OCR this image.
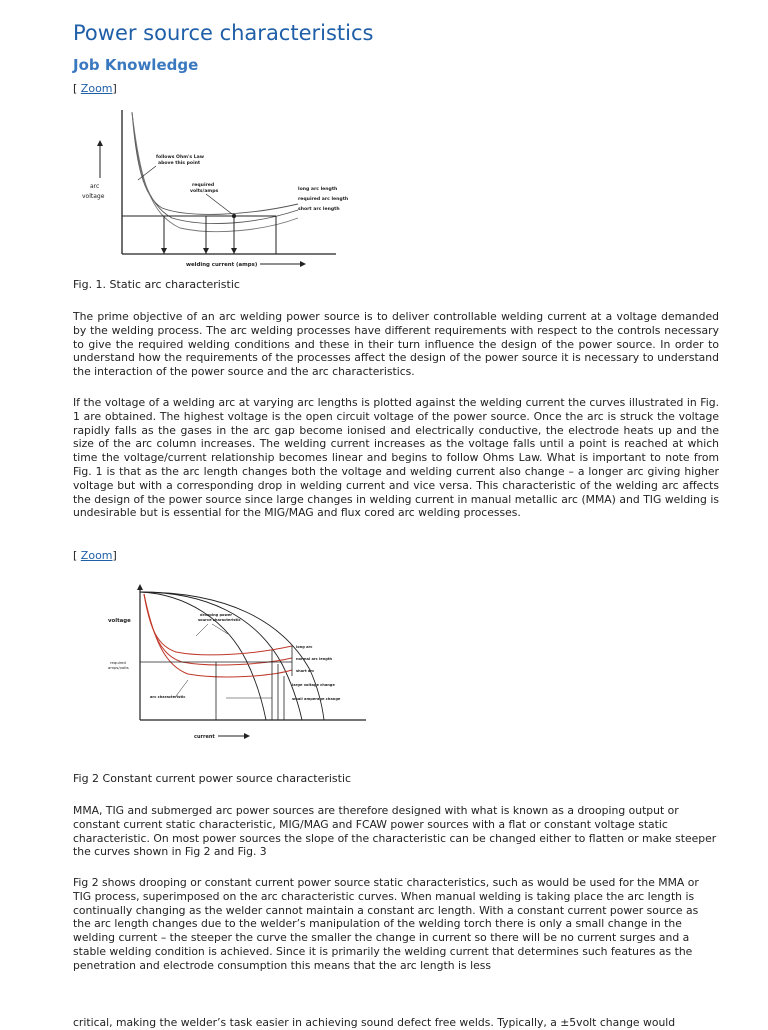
Power source characteristics
Job Knowledge
[ Zoom]
arc
voltage
follows Ohm's Law
above this point
required
volts/amps	long arc length
required arc length
short arc length
welding current (amps)

Fig. 1. Static arc characteristic

The prime objective of an arc welding power source is to deliver controllable welding current at a voltage demanded by the welding process. The arc welding processes have different requirements with respect to the controls necessary to give the required welding conditions and these in their turn influence the design of the power source. In order to understand how the requirements of the processes affect the design of the power source it is necessary to understand the interaction of the power source and the arc characteristics.

If the voltage of a welding arc at varying arc lengths is plotted against the welding current the curves illustrated in Fig. 1 are obtained. The highest voltage is the open circuit voltage of the power source. Once the arc is struck the voltage rapidly falls as the gases in the arc gap become ionised and electrically conductive, the electrode heats up and the size of the arc column increases. The welding current increases as the voltage falls until a point is reached at which time the voltage/current relationship becomes linear and begins to follow Ohms Law. What is important to note from Fig. 1 is that as the arc length changes both the voltage and welding current also change – a longer arc giving higher voltage but with a corresponding drop in welding current and vice versa. This characteristic of the welding arc affects the design of the power source since large changes in welding current in manual metallic arc (MMA) and TIG welding is undesirable but is essential for the MIG/MAG and flux cored arc welding processes.

[ Zoom]
voltage
required
amps/volts
drooping power
source characteristic
long arc
normal arc length
short arc
large voltage change
small amperage change
arc characteristic
current

Fig 2 Constant current power source characteristic

MMA, TIG and submerged arc power sources are therefore designed with what is known as a drooping output or constant current static characteristic, MIG/MAG and FCAW power sources with a flat or constant voltage static characteristic. On most power sources the slope of the characteristic can be changed either to flatten or make steeper the curves shown in Fig 2 and Fig. 3

Fig 2 shows drooping or constant current power source static characteristics, such as would be used for the MMA or TIG process, superimposed on the arc characteristic curves. When manual welding is taking place the arc length is continually changing as the welder cannot maintain a constant arc length. With a constant current power source as the arc length changes due to the welder’s manipulation of the welding torch there is only a small change in the welding current – the steeper the curve the smaller the change in current so there will be no current surges and a stable welding condition is achieved. Since it is primarily the welding current that determines such features as the penetration and electrode consumption this means that the arc length is less

critical, making the welder’s task easier in achieving sound defect free welds. Typically, a ±5volt change would
